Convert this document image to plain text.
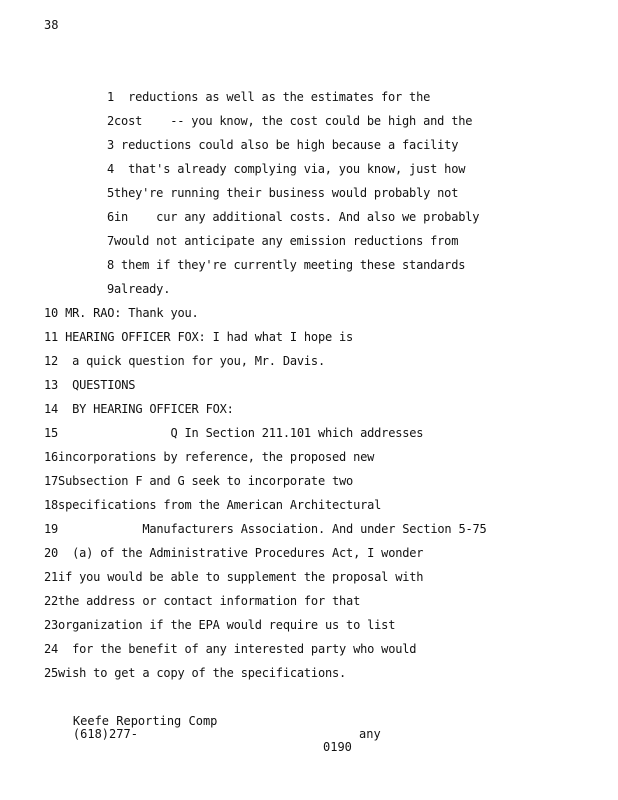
38
1  reductions as well as the estimates for the
2cost    -- you know, the cost could be high and the
3 reductions could also be high because a facility
4  that's already complying via, you know, just how
5they're running their business would probably not
6in    cur any additional costs. And also we probably
7would not anticipate any emission reductions from
8 them if they're currently meeting these standards
9already.
10 MR. RAO: Thank you.
11 HEARING OFFICER FOX: I had what I hope is
12  a quick question for you, Mr. Davis.
13  QUESTIONS
14  BY HEARING OFFICER FOX:
15                Q In Section 211.101 which addresses
16incorporations by reference, the proposed new
17Subsection F and G seek to incorporate two
18specifications from the American Architectural
19            Manufacturers Association. And under Section 5-75
20  (a) of the Administrative Procedures Act, I wonder
21if you would be able to supplement the proposal with
22the address or contact information for that
23organization if the EPA would require us to list
24  for the benefit of any interested party who would
25wish to get a copy of the specifications.

Keefe Reporting Comp

any

(618)277-

0190
